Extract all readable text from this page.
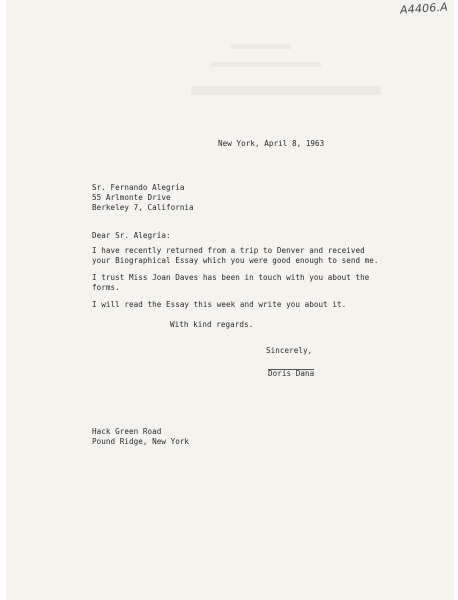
A4406.A
New York, April 8, 1963
Sr. Fernando Alegría
55 Arlmonte Drive
Berkeley 7, California
Dear Sr. Alegría:
I have recently returned from a trip to Denver and received
your Biographical Essay which you were good enough to send me.
I trust Miss Joan Daves has been in touch with you about the
forms.
I will read the Essay this week and write you about it.
With kind regards.
Sincerely,
Doris Dana
Hack Green Road
Pound Ridge, New York
